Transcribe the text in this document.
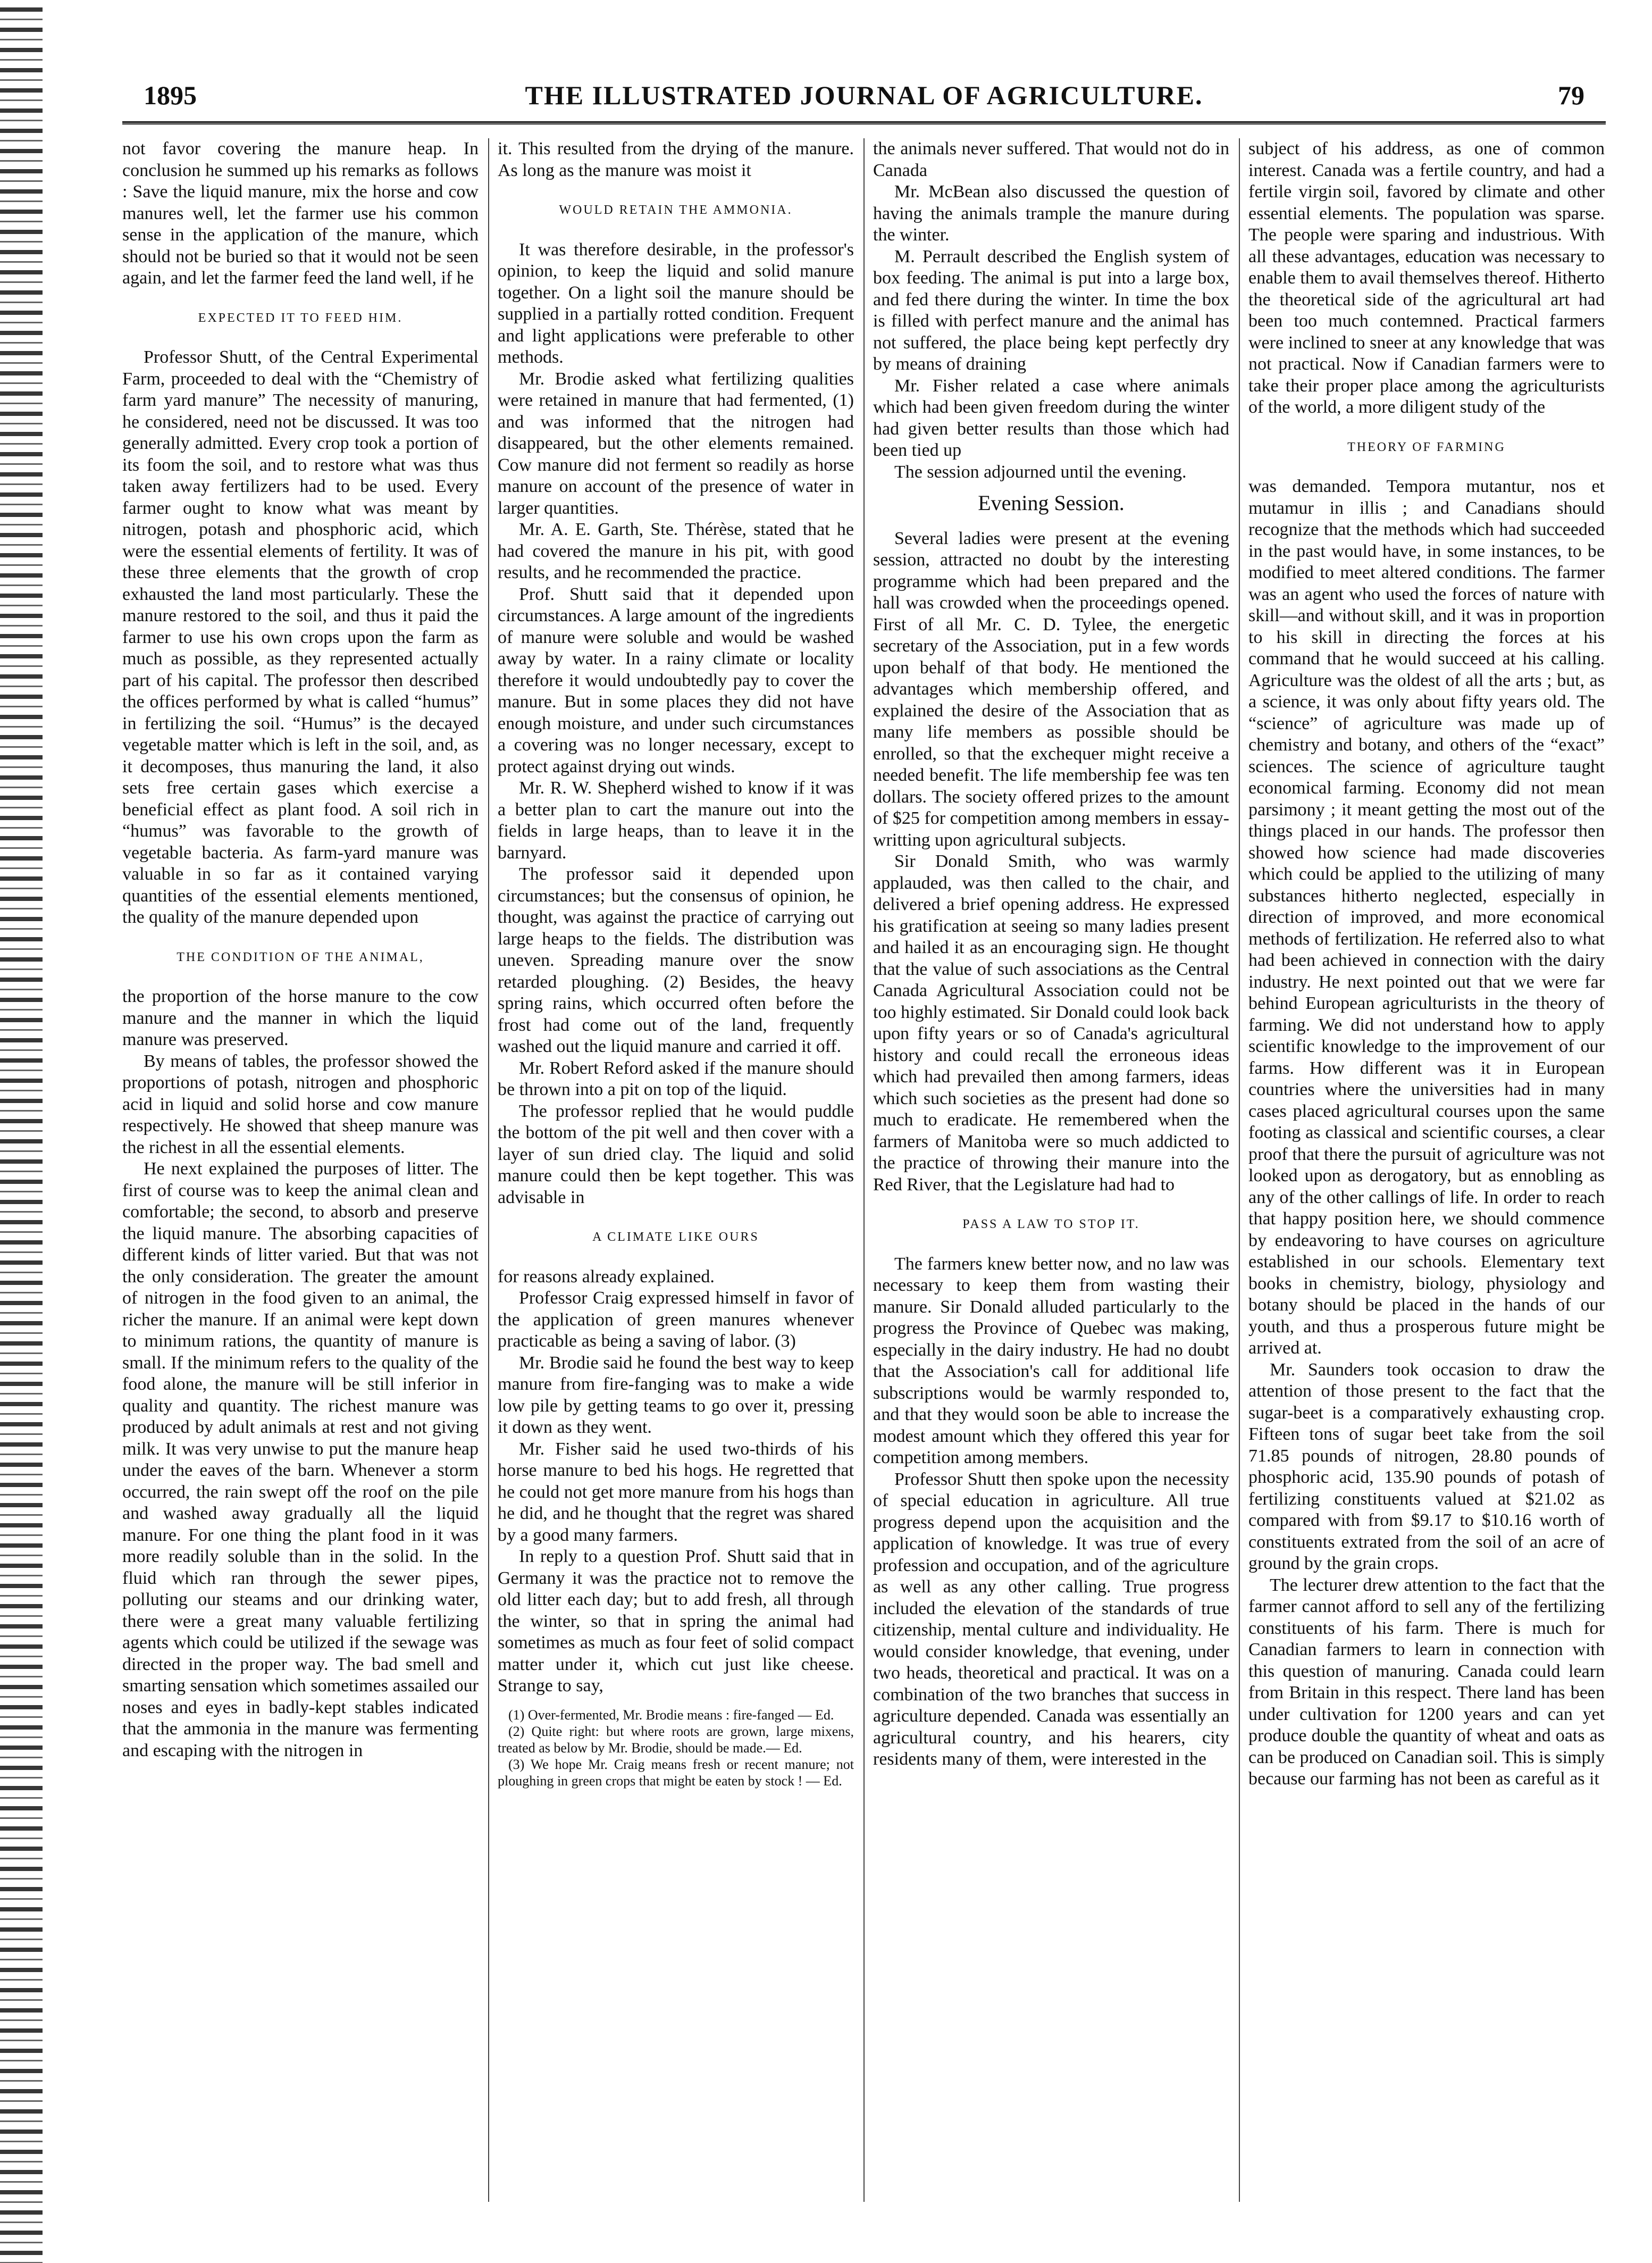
THE ILLUSTRATED JOURNAL OF AGRICULTURE.
1895	79

not favor covering the manure heap. In conclusion he summed up his remarks as follows : Save the liquid manure, mix the horse and cow manures well, let the farmer use his common sense in the application of the manure, which should not be buried so that it would not be seen again, and let the farmer feed the land well, if he

EXPECTED IT TO FEED HIM.

Professor Shutt, of the Central Experimental Farm, proceeded to deal with the “Chemistry of farm yard manure” The necessity of manuring, he considered, need not be discussed. It was too generally admitted. Every crop took a portion of its foom the soil, and to restore what was thus taken away fertilizers had to be used. Every farmer ought to know what was meant by nitrogen, potash and phosphoric acid, which were the essential elements of fertility. It was of these three elements that the growth of crop exhausted the land most particularly. These the manure restored to the soil, and thus it paid the farmer to use his own crops upon the farm as much as possible, as they represented actually part of his capital. The professor then described the offices performed by what is called “humus” in fertilizing the soil. “Humus” is the decayed vegetable matter which is left in the soil, and, as it decomposes, thus manuring the land, it also sets free certain gases which exercise a beneficial effect as plant food. A soil rich in “humus” was favorable to the growth of vegetable bacteria. As farm-yard manure was valuable in so far as it contained varying quantities of the essential elements mentioned, the quality of the manure depended upon

THE CONDITION OF THE ANIMAL,

the proportion of the horse manure to the cow manure and the manner in which the liquid manure was preserved.

By means of tables, the professor showed the proportions of potash, nitrogen and phosphoric acid in liquid and solid horse and cow manure respectively. He showed that sheep manure was the richest in all the essential elements.

He next explained the purposes of litter. The first of course was to keep the animal clean and comfortable; the second, to absorb and preserve the liquid manure. The absorbing capacities of different kinds of litter varied. But that was not the only consideration. The greater the amount of nitrogen in the food given to an animal, the richer the manure. If an animal were kept down to minimum rations, the quantity of manure is small. If the minimum refers to the quality of the food alone, the manure will be still inferior in quality and quantity. The richest manure was produced by adult animals at rest and not giving milk. It was very unwise to put the manure heap under the eaves of the barn. Whenever a storm occurred, the rain swept off the roof on the pile and washed away gradually all the liquid manure. For one thing the plant food in it was more readily soluble than in the solid. In the fluid which ran through the sewer pipes, polluting our steams and our drinking water, there were a great many valuable fertilizing agents which could be utilized if the sewage was directed in the proper way. The bad smell and smarting sensation which sometimes assailed our noses and eyes in badly-kept stables indicated that the ammonia in the manure was fermenting and escaping with the nitrogen in

it. This resulted from the drying of the manure. As long as the manure was moist it

WOULD RETAIN THE AMMONIA.

It was therefore desirable, in the professor's opinion, to keep the liquid and solid manure together. On a light soil the manure should be supplied in a partially rotted condition. Frequent and light applications were preferable to other methods.

Mr. Brodie asked what fertilizing qualities were retained in manure that had fermented, (1) and was informed that the nitrogen had disappeared, but the other elements remained. Cow manure did not ferment so readily as horse manure on account of the presence of water in larger quantities.

Mr. A. E. Garth, Ste. Thérèse, stated that he had covered the manure in his pit, with good results, and he recommended the practice.

Prof. Shutt said that it depended upon circumstances. A large amount of the ingredients of manure were soluble and would be washed away by water. In a rainy climate or locality therefore it would undoubtedly pay to cover the manure. But in some places they did not have enough moisture, and under such circumstances a covering was no longer necessary, except to protect against drying out winds.

Mr. R. W. Shepherd wished to know if it was a better plan to cart the manure out into the fields in large heaps, than to leave it in the barnyard.

The professor said it depended upon circumstances; but the consensus of opinion, he thought, was against the practice of carrying out large heaps to the fields. The distribution was uneven. Spreading manure over the snow retarded ploughing. (2) Besides, the heavy spring rains, which occurred often before the frost had come out of the land, frequently washed out the liquid manure and carried it off.

Mr. Robert Reford asked if the manure should be thrown into a pit on top of the liquid.

The professor replied that he would puddle the bottom of the pit well and then cover with a layer of sun dried clay. The liquid and solid manure could then be kept together. This was advisable in

A CLIMATE LIKE OURS

for reasons already explained.

Professor Craig expressed himself in favor of the application of green manures whenever practicable as being a saving of labor. (3)

Mr. Brodie said he found the best way to keep manure from fire-fanging was to make a wide low pile by getting teams to go over it, pressing it down as they went.

Mr. Fisher said he used two-thirds of his horse manure to bed his hogs. He regretted that he could not get more manure from his hogs than he did, and he thought that the regret was shared by a good many farmers.

In reply to a question Prof. Shutt said that in Germany it was the practice not to remove the old litter each day; but to add fresh, all through the winter, so that in spring the animal had sometimes as much as four feet of solid compact matter under it, which cut just like cheese. Strange to say,

(1) Over-fermented, Mr. Brodie means : fire-fanged — Ed.

(2) Quite right: but where roots are grown, large mixens, treated as below by Mr. Brodie, should be made.— Ed.

(3) We hope Mr. Craig means fresh or recent manure; not ploughing in green crops that might be eaten by stock ! — Ed.

the animals never suffered. That would not do in Canada

Mr. McBean also discussed the question of having the animals trample the manure during the winter.

M. Perrault described the English system of box feeding. The animal is put into a large box, and fed there during the winter. In time the box is filled with perfect manure and the animal has not suffered, the place being kept perfectly dry by means of draining

Mr. Fisher related a case where animals which had been given freedom during the winter had given better results than those which had been tied up

The session adjourned until the evening.

Evening Session.

Several ladies were present at the evening session, attracted no doubt by the interesting programme which had been prepared and the hall was crowded when the proceedings opened. First of all Mr. C. D. Tylee, the energetic secretary of the Association, put in a few words upon behalf of that body. He mentioned the advantages which membership offered, and explained the desire of the Association that as many life members as possible should be enrolled, so that the exchequer might receive a needed benefit. The life membership fee was ten dollars. The society offered prizes to the amount of $25 for competition among members in essay-writting upon agricultural subjects.

Sir Donald Smith, who was warmly applauded, was then called to the chair, and delivered a brief opening address. He expressed his gratification at seeing so many ladies present and hailed it as an encouraging sign. He thought that the value of such associations as the Central Canada Agricultural Association could not be too highly estimated. Sir Donald could look back upon fifty years or so of Canada's agricultural history and could recall the erroneous ideas which had prevailed then among farmers, ideas which such societies as the present had done so much to eradicate. He remembered when the farmers of Manitoba were so much addicted to the practice of throwing their manure into the Red River, that the Legislature had had to

PASS A LAW TO STOP IT.

The farmers knew better now, and no law was necessary to keep them from wasting their manure. Sir Donald alluded particularly to the progress the Province of Quebec was making, especially in the dairy industry. He had no doubt that the Association's call for additional life subscriptions would be warmly responded to, and that they would soon be able to increase the modest amount which they offered this year for competition among members.

Professor Shutt then spoke upon the necessity of special education in agriculture. All true progress depend upon the acquisition and the application of knowledge. It was true of every profession and occupation, and of the agriculture as well as any other calling. True progress included the elevation of the standards of true citizenship, mental culture and individuality. He would consider knowledge, that evening, under two heads, theoretical and practical. It was on a combination of the two branches that success in agriculture depended. Canada was essentially an agricultural country, and his hearers, city residents many of them, were interested in the

subject of his address, as one of common interest. Canada was a fertile country, and had a fertile virgin soil, favored by climate and other essential elements. The population was sparse. The people were sparing and industrious. With all these advantages, education was necessary to enable them to avail themselves thereof. Hitherto the theoretical side of the agricultural art had been too much contemned. Practical farmers were inclined to sneer at any knowledge that was not practical. Now if Canadian farmers were to take their proper place among the agriculturists of the world, a more diligent study of the

THEORY OF FARMING

was demanded. Tempora mutantur, nos et mutamur in illis ; and Canadians should recognize that the methods which had succeeded in the past would have, in some instances, to be modified to meet altered conditions. The farmer was an agent who used the forces of nature with skill—and without skill, and it was in proportion to his skill in directing the forces at his command that he would succeed at his calling. Agriculture was the oldest of all the arts ; but, as a science, it was only about fifty years old. The “science” of agriculture was made up of chemistry and botany, and others of the “exact” sciences. The science of agriculture taught economical farming. Economy did not mean parsimony ; it meant getting the most out of the things placed in our hands. The professor then showed how science had made discoveries which could be applied to the utilizing of many substances hitherto neglected, especially in direction of improved, and more economical methods of fertilization. He referred also to what had been achieved in connection with the dairy industry. He next pointed out that we were far behind European agriculturists in the theory of farming. We did not understand how to apply scientific knowledge to the improvement of our farms. How different was it in European countries where the universities had in many cases placed agricultural courses upon the same footing as classical and scientific courses, a clear proof that there the pursuit of agriculture was not looked upon as derogatory, but as ennobling as any of the other callings of life. In order to reach that happy position here, we should commence by endeavoring to have courses on agriculture established in our schools. Elementary text books in chemistry, biology, physiology and botany should be placed in the hands of our youth, and thus a prosperous future might be arrived at.

Mr. Saunders took occasion to draw the attention of those present to the fact that the sugar-beet is a comparatively exhausting crop. Fifteen tons of sugar beet take from the soil 71.85 pounds of nitrogen, 28.80 pounds of phosphoric acid, 135.90 pounds of potash of fertilizing constituents valued at $21.02 as compared with from $9.17 to $10.16 worth of constituents extrated from the soil of an acre of ground by the grain crops.

The lecturer drew attention to the fact that the farmer cannot afford to sell any of the fertilizing constituents of his farm. There is much for Canadian farmers to learn in connection with this question of manuring. Canada could learn from Britain in this respect. There land has been under cultivation for 1200 years and can yet produce double the quantity of wheat and oats as can be produced on Canadian soil. This is simply because our farming has not been as careful as it
